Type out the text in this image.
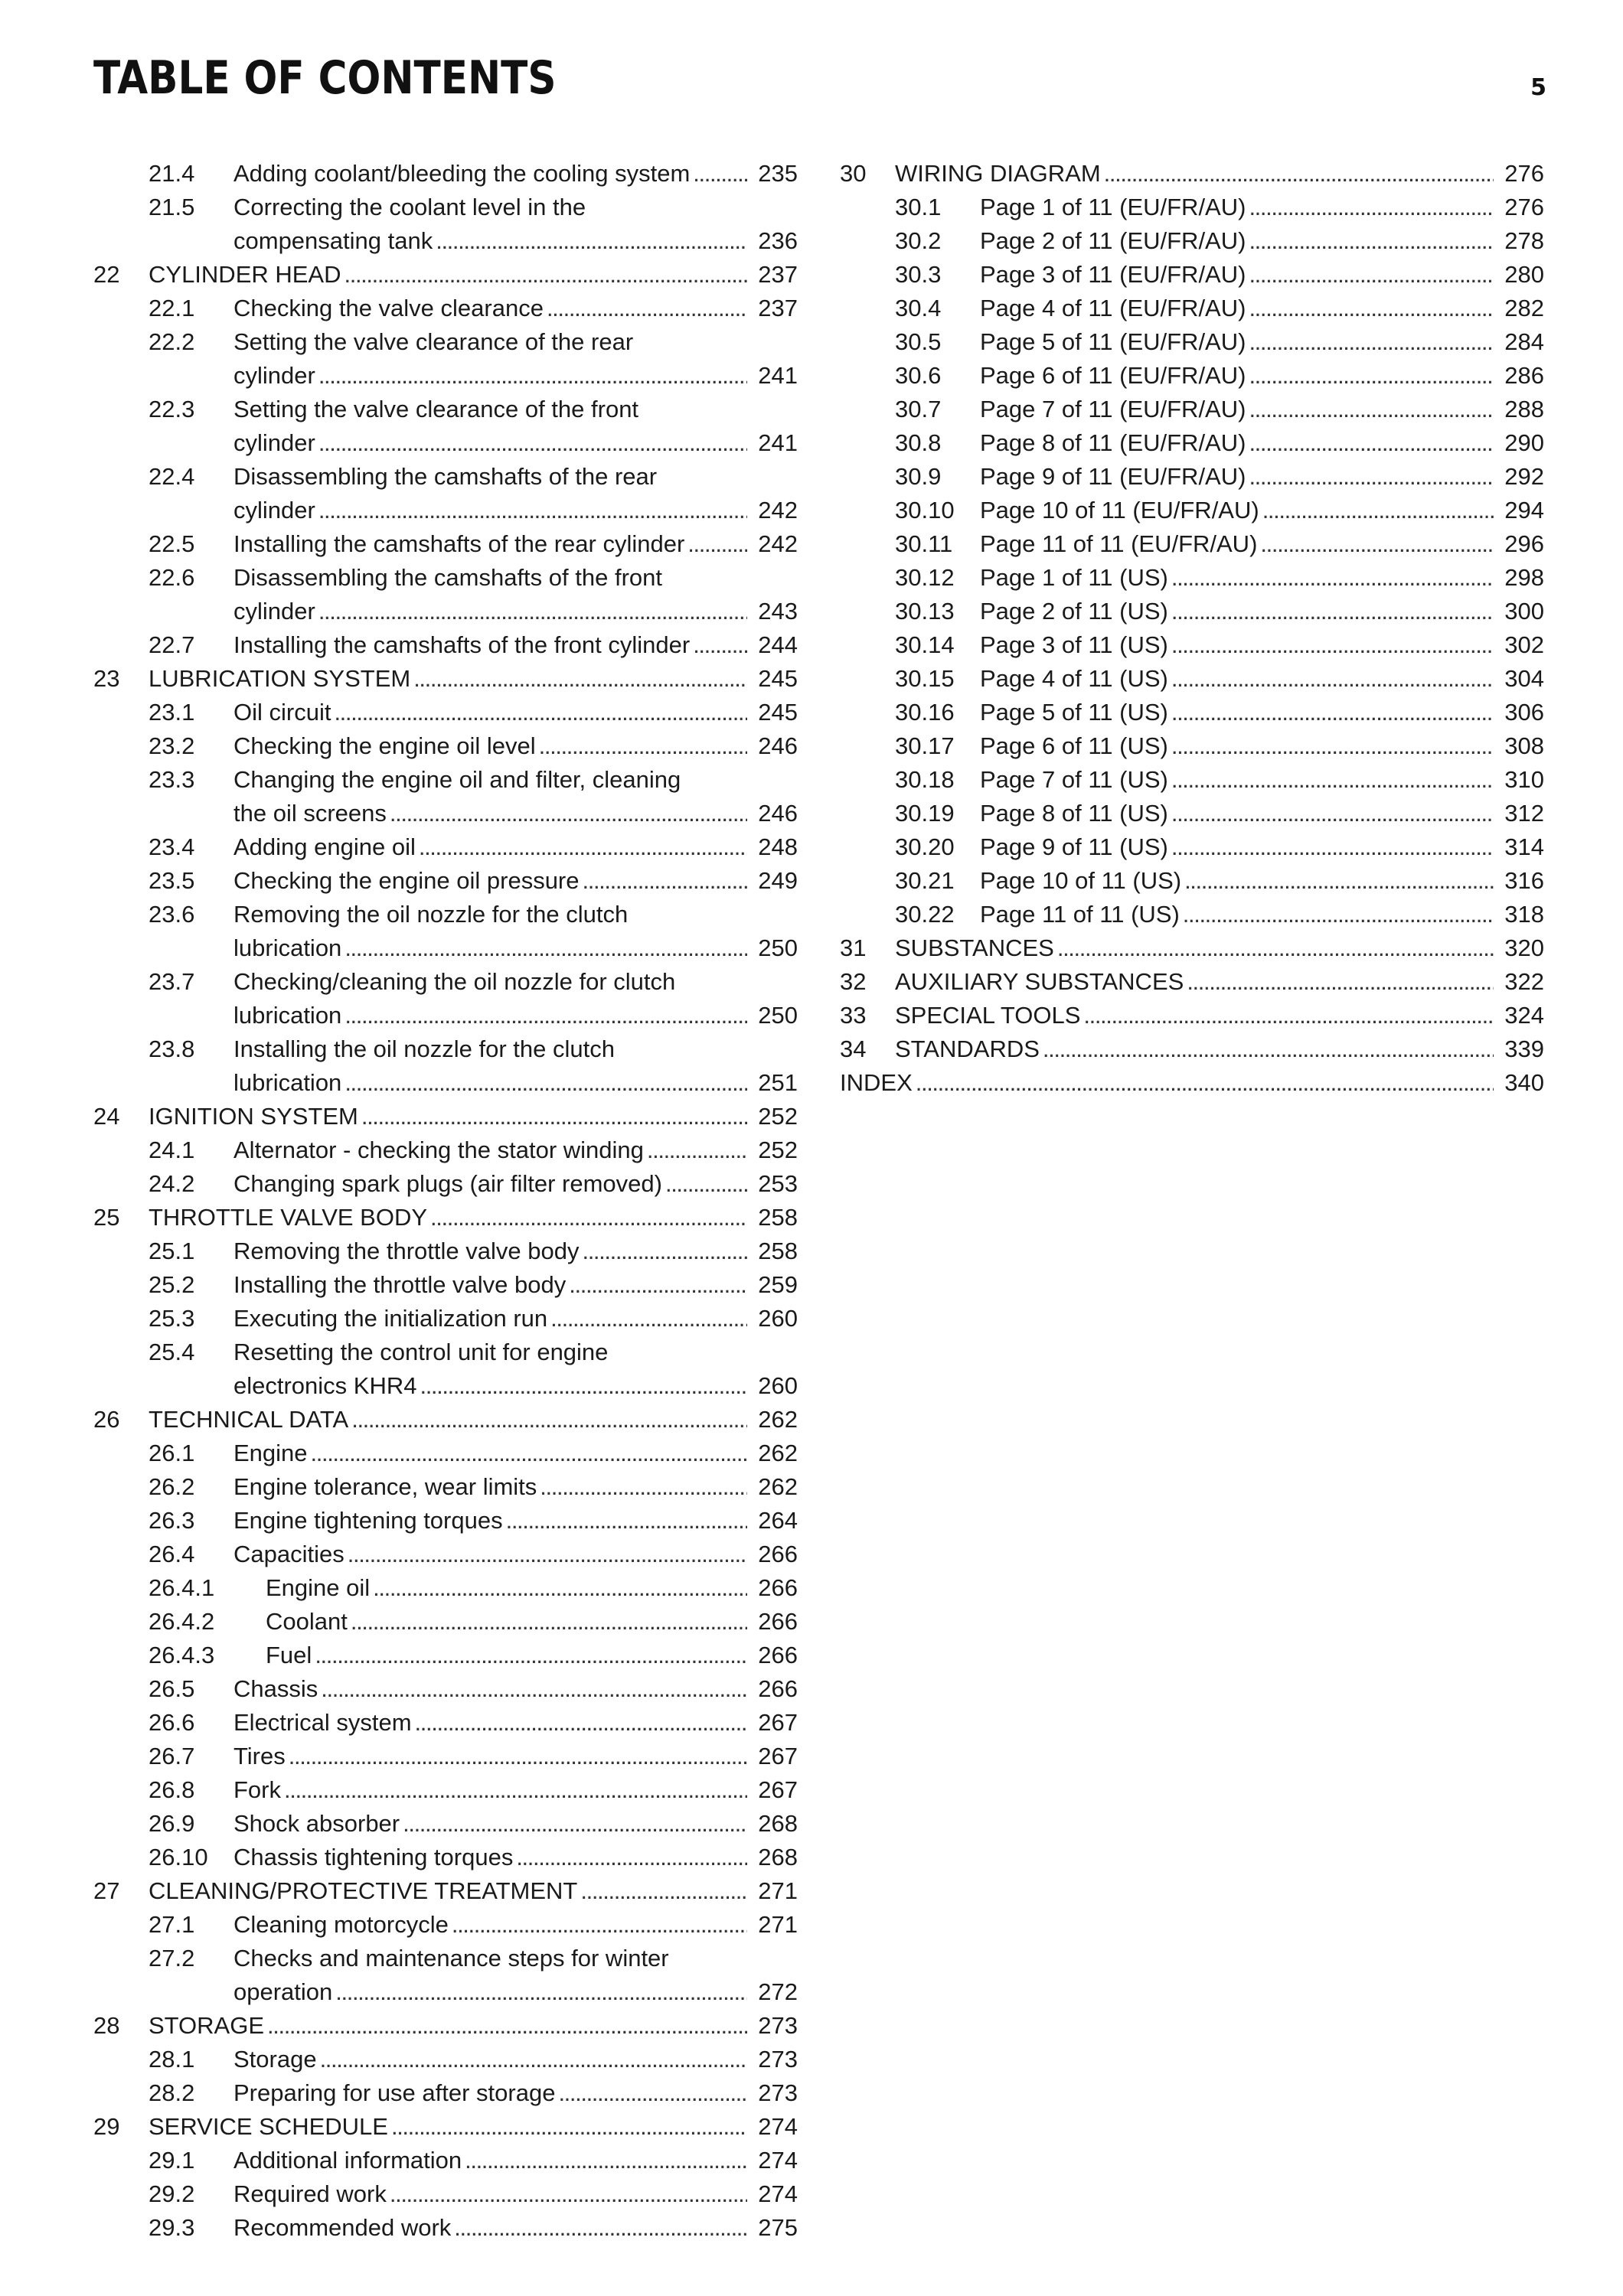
TABLE OF CONTENTS	5
21.4 Adding coolant/bleeding the cooling system . . .	235
21.5 Correcting the coolant level in the
compensating tank . . .	236
22 CYLINDER HEAD . . .	237
22.1 Checking the valve clearance . . .	237
22.2 Setting the valve clearance of the rear
cylinder . . .	241
22.3 Setting the valve clearance of the front
cylinder . . .	241
22.4 Disassembling the camshafts of the rear
cylinder . . .	242
22.5 Installing the camshafts of the rear cylinder . . .	242
22.6 Disassembling the camshafts of the front
cylinder . . .	243
22.7 Installing the camshafts of the front cylinder . . .	244
23 LUBRICATION SYSTEM . . .	245
23.1 Oil circuit . . .	245
23.2 Checking the engine oil level . . .	246
23.3 Changing the engine oil and filter, cleaning
the oil screens . . .	246
23.4 Adding engine oil . . .	248
23.5 Checking the engine oil pressure . . .	249
23.6 Removing the oil nozzle for the clutch
lubrication . . .	250
23.7 Checking/cleaning the oil nozzle for clutch
lubrication . . .	250
23.8 Installing the oil nozzle for the clutch
lubrication . . .	251
24 IGNITION SYSTEM . . .	252
24.1 Alternator - checking the stator winding . . .	252
24.2 Changing spark plugs (air filter removed) . . .	253
25 THROTTLE VALVE BODY . . .	258
25.1 Removing the throttle valve body . . .	258
25.2 Installing the throttle valve body . . .	259
25.3 Executing the initialization run . . .	260
25.4 Resetting the control unit for engine
electronics KHR4 . . .	260
26 TECHNICAL DATA . . .	262
26.1 Engine . . .	262
26.2 Engine tolerance, wear limits . . .	262
26.3 Engine tightening torques . . .	264
26.4 Capacities . . .	266
26.4.1 Engine oil . . .	266
26.4.2 Coolant . . .	266
26.4.3 Fuel . . .	266
26.5 Chassis . . .	266
26.6 Electrical system . . .	267
26.7 Tires . . .	267
26.8 Fork . . .	267
26.9 Shock absorber . . .	268
26.10 Chassis tightening torques . . .	268
27 CLEANING/PROTECTIVE TREATMENT . . .	271
27.1 Cleaning motorcycle . . .	271
27.2 Checks and maintenance steps for winter
operation . . .	272
28 STORAGE . . .	273
28.1 Storage . . .	273
28.2 Preparing for use after storage . . .	273
29 SERVICE SCHEDULE . . .	274
29.1 Additional information . . .	274
29.2 Required work . . .	274
29.3 Recommended work . . .	275
30 WIRING DIAGRAM . . .	276
30.1 Page 1 of 11 (EU/FR/AU) . . .	276
30.2 Page 2 of 11 (EU/FR/AU) . . .	278
30.3 Page 3 of 11 (EU/FR/AU) . . .	280
30.4 Page 4 of 11 (EU/FR/AU) . . .	282
30.5 Page 5 of 11 (EU/FR/AU) . . .	284
30.6 Page 6 of 11 (EU/FR/AU) . . .	286
30.7 Page 7 of 11 (EU/FR/AU) . . .	288
30.8 Page 8 of 11 (EU/FR/AU) . . .	290
30.9 Page 9 of 11 (EU/FR/AU) . . .	292
30.10 Page 10 of 11 (EU/FR/AU) . . .	294
30.11 Page 11 of 11 (EU/FR/AU) . . .	296
30.12 Page 1 of 11 (US) . . .	298
30.13 Page 2 of 11 (US) . . .	300
30.14 Page 3 of 11 (US) . . .	302
30.15 Page 4 of 11 (US) . . .	304
30.16 Page 5 of 11 (US) . . .	306
30.17 Page 6 of 11 (US) . . .	308
30.18 Page 7 of 11 (US) . . .	310
30.19 Page 8 of 11 (US) . . .	312
30.20 Page 9 of 11 (US) . . .	314
30.21 Page 10 of 11 (US) . . .	316
30.22 Page 11 of 11 (US) . . .	318
31 SUBSTANCES . . .	320
32 AUXILIARY SUBSTANCES . . .	322
33 SPECIAL TOOLS . . .	324
34 STANDARDS . . .	339
INDEX . . .	340
